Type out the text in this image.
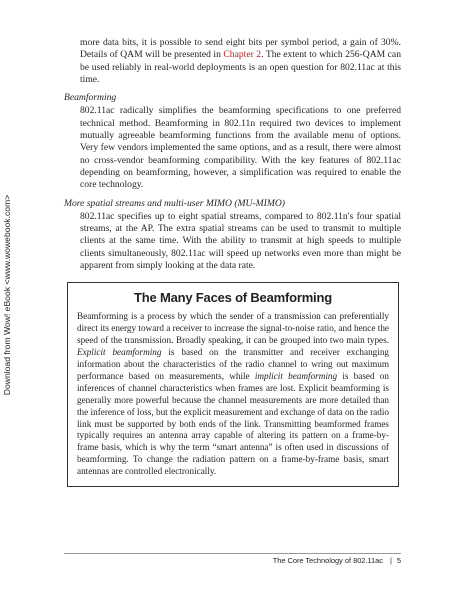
Download from Wow! eBook <www.wowebook.com>

more data bits, it is possible to send eight bits per symbol period, a gain of 30%. Details of QAM will be presented in Chapter 2. The extent to which 256-QAM can be used reliably in real-world deployments is an open question for 802.11ac at this time.

Beamforming

802.11ac radically simplifies the beamforming specifications to one preferred technical method. Beamforming in 802.11n required two devices to implement mutually agreeable beamforming functions from the available menu of options. Very few vendors implemented the same options, and as a result, there were almost no cross-vendor beamforming compatibility. With the key features of 802.11ac depending on beamforming, however, a simplification was required to enable the core technology.

More spatial streams and multi-user MIMO (MU-MIMO)

802.11ac specifies up to eight spatial streams, compared to 802.11n's four spatial streams, at the AP. The extra spatial streams can be used to transmit to multiple clients at the same time. With the ability to transmit at high speeds to multiple clients simultaneously, 802.11ac will speed up networks even more than might be apparent from simply looking at the data rate.

The Many Faces of Beamforming

Beamforming is a process by which the sender of a transmission can preferentially direct its energy toward a receiver to increase the signal-to-noise ratio, and hence the speed of the transmission. Broadly speaking, it can be grouped into two main types. Explicit beamforming is based on the transmitter and receiver exchanging information about the characteristics of the radio channel to wring out maximum performance based on measurements, while implicit beamforming is based on inferences of channel characteristics when frames are lost. Explicit beamforming is generally more powerful because the channel measurements are more detailed than the inference of loss, but the explicit measurement and exchange of data on the radio link must be supported by both ends of the link. Transmitting beamformed frames typically requires an antenna array capable of altering its pattern on a frame-by-frame basis, which is why the term “smart antenna” is often used in discussions of beamforming. To change the radiation pattern on a frame-by-frame basis, smart antennas are controlled electronically.

The Core Technology of 802.11ac | 5
